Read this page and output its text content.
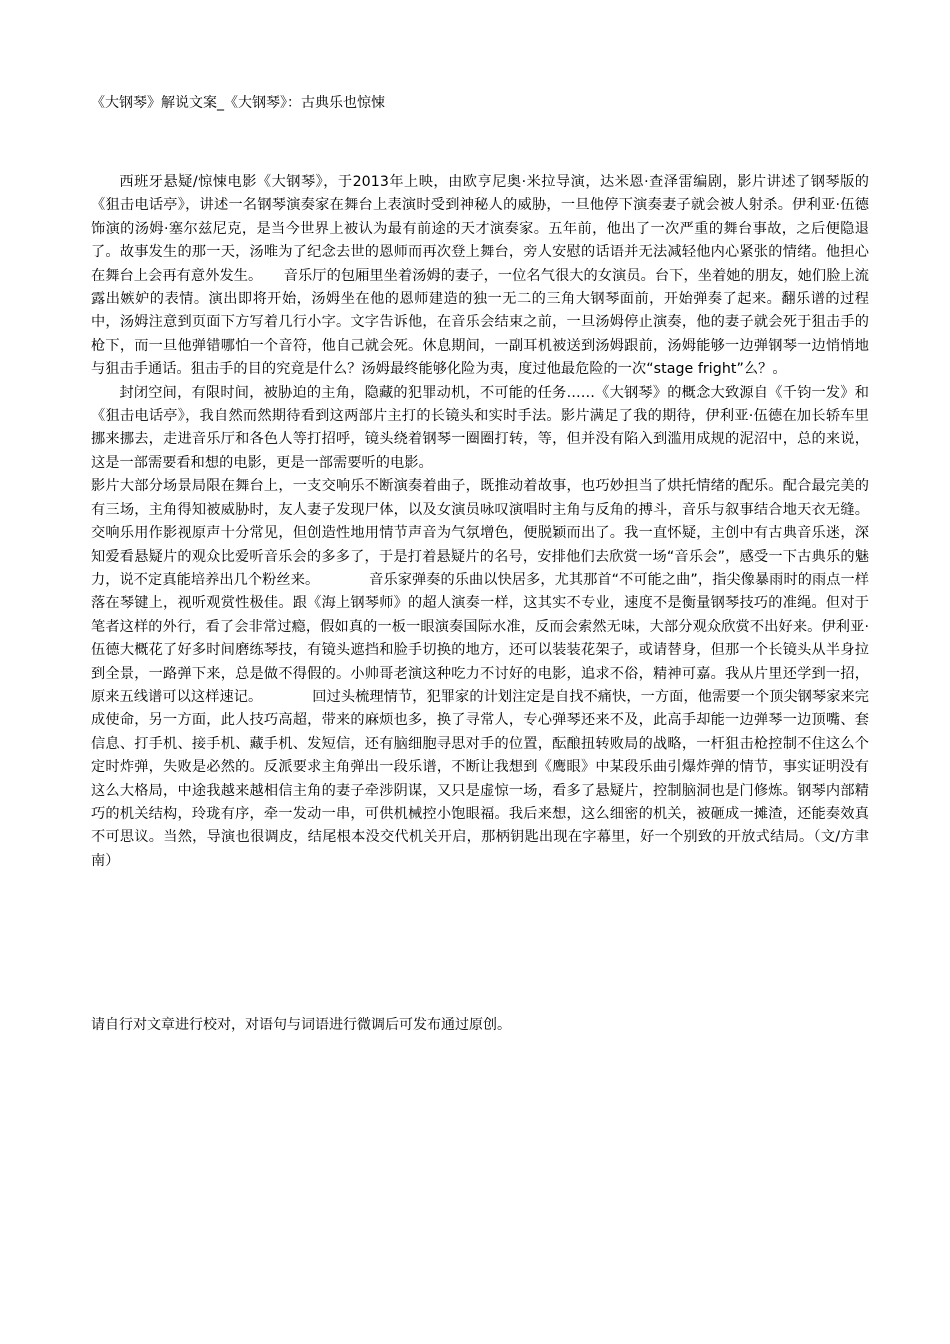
《大钢琴》解说文案_《大钢琴》：古典乐也惊悚

西班牙悬疑/惊悚电影《大钢琴》，于2013年上映，由欧亨尼奥·米拉导演，达米恩·查泽雷编剧，影片讲述了钢琴版的《狙击电话亭》，讲述一名钢琴演奏家在舞台上表演时受到神秘人的威胁，一旦他停下演奏妻子就会被人射杀。伊利亚·伍德饰演的汤姆·塞尔兹尼克，是当今世界上被认为最有前途的天才演奏家。五年前，他出了一次严重的舞台事故，之后便隐退了。故事发生的那一天，汤唯为了纪念去世的恩师而再次登上舞台，旁人安慰的话语并无法减轻他内心紧张的情绪。他担心在舞台上会再有意外发生。　　音乐厅的包厢里坐着汤姆的妻子，一位名气很大的女演员。台下，坐着她的朋友，她们脸上流露出嫉妒的表情。演出即将开始，汤姆坐在他的恩师建造的独一无二的三角大钢琴面前，开始弹奏了起来。翻乐谱的过程中，汤姆注意到页面下方写着几行小字。文字告诉他，在音乐会结束之前，一旦汤姆停止演奏，他的妻子就会死于狙击手的枪下，而一旦他弹错哪怕一个音符，他自己就会死。休息期间，一副耳机被送到汤姆跟前，汤姆能够一边弹钢琴一边悄悄地与狙击手通话。狙击手的目的究竟是什么？汤姆最终能够化险为夷，度过他最危险的一次“stage fright”么？。

封闭空间，有限时间，被胁迫的主角，隐藏的犯罪动机，不可能的任务……《大钢琴》的概念大致源自《千钧一发》和《狙击电话亭》，我自然而然期待看到这两部片主打的长镜头和实时手法。影片满足了我的期待，伊利亚·伍德在加长轿车里挪来挪去，走进音乐厅和各色人等打招呼，镜头绕着钢琴一圈圈打转，等，但并没有陷入到滥用成规的泥沼中，总的来说，这是一部需要看和想的电影，更是一部需要听的电影。

影片大部分场景局限在舞台上，一支交响乐不断演奏着曲子，既推动着故事，也巧妙担当了烘托情绪的配乐。配合最完美的有三场，主角得知被威胁时，友人妻子发现尸体，以及女演员咏叹演唱时主角与反角的搏斗，音乐与叙事结合地天衣无缝。交响乐用作影视原声十分常见，但创造性地用情节声音为气氛增色，便脱颖而出了。我一直怀疑，主创中有古典音乐迷，深知爱看悬疑片的观众比爱听音乐会的多多了，于是打着悬疑片的名号，安排他们去欣赏一场“音乐会”，感受一下古典乐的魅力，说不定真能培养出几个粉丝来。　　　　音乐家弹奏的乐曲以快居多，尤其那首“不可能之曲”，指尖像暴雨时的雨点一样落在琴键上，视听观赏性极佳。跟《海上钢琴师》的超人演奏一样，这其实不专业，速度不是衡量钢琴技巧的准绳。但对于笔者这样的外行，看了会非常过瘾，假如真的一板一眼演奏国际水准，反而会索然无味，大部分观众欣赏不出好来。伊利亚·伍德大概花了好多时间磨练琴技，有镜头遮挡和脸手切换的地方，还可以装装花架子，或请替身，但那一个长镜头从半身拉到全景，一路弹下来，总是做不得假的。小帅哥老演这种吃力不讨好的电影，追求不俗，精神可嘉。我从片里还学到一招，原来五线谱可以这样速记。　　　　回过头梳理情节，犯罪家的计划注定是自找不痛快，一方面，他需要一个顶尖钢琴家来完成使命，另一方面，此人技巧高超，带来的麻烦也多，换了寻常人，专心弹琴还来不及，此高手却能一边弹琴一边顶嘴、套信息、打手机、接手机、藏手机、发短信，还有脑细胞寻思对手的位置，酝酿扭转败局的战略，一杆狙击枪控制不住这么个定时炸弹，失败是必然的。反派要求主角弹出一段乐谱，不断让我想到《鹰眼》中某段乐曲引爆炸弹的情节，事实证明没有这么大格局，中途我越来越相信主角的妻子牵涉阴谋，又只是虚惊一场，看多了悬疑片，控制脑洞也是门修炼。钢琴内部精巧的机关结构，玲珑有序，牵一发动一串，可供机械控小饱眼福。我后来想，这么细密的机关，被砸成一摊渣，还能奏效真不可思议。当然，导演也很调皮，结尾根本没交代机关开启，那柄钥匙出现在字幕里，好一个别致的开放式结局。（文/方聿南）

请自行对文章进行校对，对语句与词语进行微调后可发布通过原创。
